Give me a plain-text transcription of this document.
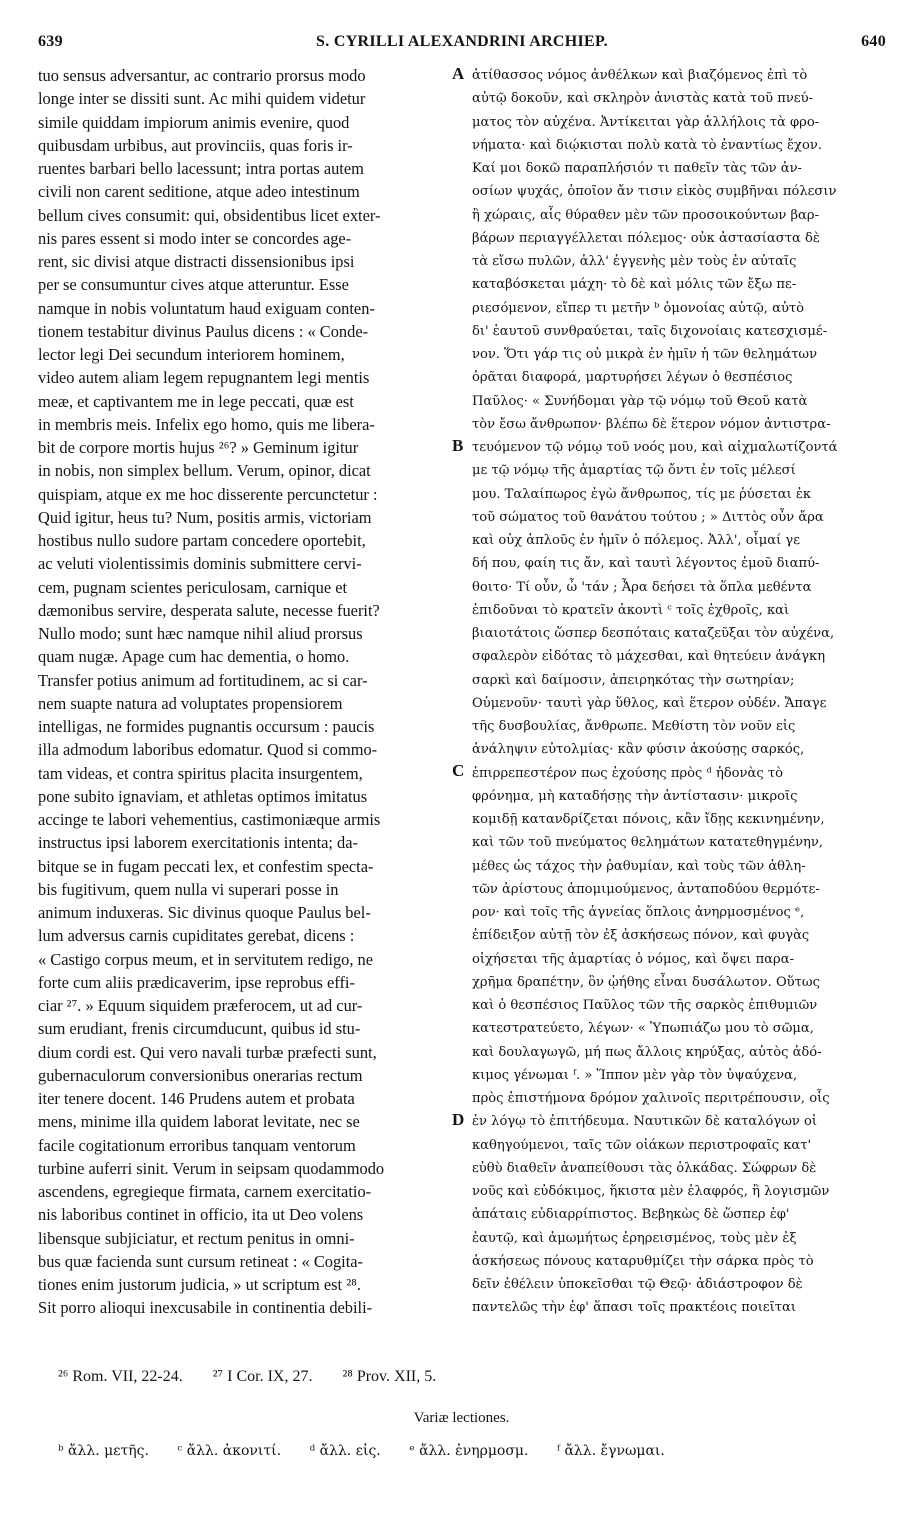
639	S. CYRILLI ALEXANDRINI ARCHIEP.	640
tuo sensus adversantur, ac contrario prorsus modo
longe inter se dissiti sunt. Ac mihi quidem videtur
simile quiddam impiorum animis evenire, quod
quibusdam urbibus, aut provinciis, quas foris ir-
ruentes barbari bello lacessunt; intra portas autem
civili non carent seditione, atque adeo intestinum
bellum cives consumit: qui, obsidentibus licet exter-
nis pares essent si modo inter se concordes age-
rent, sic divisi atque distracti dissensionibus ipsi
per se consumuntur cives atque atteruntur. Esse
namque in nobis voluntatum haud exiguam conten-
tionem testabitur divinus Paulus dicens : « Conde-
lector legi Dei secundum interiorem hominem,
video autem aliam legem repugnantem legi mentis
meæ, et captivantem me in lege peccati, quæ est
in membris meis. Infelix ego homo, quis me libera-
bit de corpore mortis hujus ²⁶? » Geminum igitur
in nobis, non simplex bellum. Verum, opinor, dicat
quispiam, atque ex me hoc disserente percunctetur :
Quid igitur, heus tu? Num, positis armis, victoriam
hostibus nullo sudore partam concedere oportebit,
ac veluti violentissimis dominis submittere cervi-
cem, pugnam scientes periculosam, carnique et
dæmonibus servire, desperata salute, necesse fuerit?
Nullo modo; sunt hæc namque nihil aliud prorsus
quam nugæ. Apage cum hac dementia, o homo.
Transfer potius animum ad fortitudinem, ac si car-
nem suapte natura ad voluptates propensiorem
intelligas, ne formides pugnantis occursum : paucis
illa admodum laboribus edomatur. Quod si commo-
tam videas, et contra spiritus placita insurgentem,
pone subito ignaviam, et athletas optimos imitatus
accinge te labori vehementius, castimoniæque armis
instructus ipsi laborem exercitationis intenta; da-
bitque se in fugam peccati lex, et confestim specta-
bis fugitivum, quem nulla vi superari posse in
animum induxeras. Sic divinus quoque Paulus bel-
lum adversus carnis cupiditates gerebat, dicens :
« Castigo corpus meum, et in servitutem redigo, ne
forte cum aliis prædicaverim, ipse reprobus effi-
ciar ²⁷. » Equum siquidem præferocem, ut ad cur-
sum erudiant, frenis circumducunt, quibus id stu-
dium cordi est. Qui vero navali turbæ præfecti sunt,
gubernaculorum conversionibus onerarias rectum
iter tenere docent. 146 Prudens autem et probata
mens, minime illa quidem laborat levitate, nec se
facile cogitationum erroribus tanquam ventorum
turbine auferri sinit. Verum in seipsam quodammodo
ascendens, egregieque firmata, carnem exercitatio-
nis laboribus continet in officio, ita ut Deo volens
libensque subjiciatur, et rectum penitus in omni-
bus quæ facienda sunt cursum retineat : « Cogita-
tiones enim justorum judicia, » ut scriptum est ²⁸.
Sit porro alioqui inexcusabile in continentia debili-
ἀτίθασσος νόμος ἀνθέλκων καὶ βιαζόμενος ἐπὶ τὸ
αὐτῷ δοκοῦν, καὶ σκληρὸν ἀνιστὰς κατὰ τοῦ πνεύ-
ματος τὸν αὐχένα. Ἀντίκειται γὰρ ἀλλήλοις τὰ φρο-
νήματα· καὶ διῴκισται πολὺ κατὰ τὸ ἐναντίως ἔχον.
Καί μοι δοκῶ παραπλήσιόν τι παθεῖν τὰς τῶν ἀν-
οσίων ψυχάς, ὁποῖον ἄν τισιν εἰκὸς συμβῆναι πόλεσιν
ἢ χώραις, αἷς θύραθεν μὲν τῶν προσοικούντων βαρ-
βάρων περιαγγέλλεται πόλεμος· οὐκ ἀστασίαστα δὲ
τὰ εἴσω πυλῶν, ἀλλ' ἐγγενὴς μὲν τοὺς ἐν αὐταῖς
καταβόσκεται μάχη· τὸ δὲ καὶ μόλις τῶν ἔξω πε-
ριεσόμενον, εἴπερ τι μετῆν ᵇ ὁμονοίας αὐτῷ, αὐτὸ
δι' ἑαυτοῦ συνθραύεται, ταῖς διχονοίαις κατεσχισμέ-
νον. Ὅτι γάρ τις οὐ μικρὰ ἐν ἡμῖν ἡ τῶν θελημάτων
ὁρᾶται διαφορά, μαρτυρήσει λέγων ὁ θεσπέσιος
Παῦλος· « Συνήδομαι γὰρ τῷ νόμῳ τοῦ Θεοῦ κατὰ
τὸν ἔσω ἄνθρωπον· βλέπω δὲ ἕτερον νόμον ἀντιστρα-
τευόμενον τῷ νόμῳ τοῦ νοός μου, καὶ αἰχμαλωτίζοντά
με τῷ νόμῳ τῆς ἁμαρτίας τῷ ὄντι ἐν τοῖς μέλεσί
μου. Ταλαίπωρος ἐγὼ ἄνθρωπος, τίς με ῥύσεται ἐκ
τοῦ σώματος τοῦ θανάτου τούτου ; » Διττὸς οὖν ἄρα
καὶ οὐχ ἁπλοῦς ἐν ἡμῖν ὁ πόλεμος. Ἀλλ', οἶμαί γε
δή που, φαίη τις ἄν, καὶ ταυτὶ λέγοντος ἐμοῦ διαπύ-
θοιτο· Τί οὖν, ὦ 'τάν ; Ἆρα δεήσει τὰ ὅπλα μεθέντα
ἐπιδοῦναι τὸ κρατεῖν ἀκοντὶ ᶜ τοῖς ἐχθροῖς, καὶ
βιαιοτάτοις ὥσπερ δεσπόταις καταζεῦξαι τὸν αὐχένα,
σφαλερὸν εἰδότας τὸ μάχεσθαι, καὶ θητεύειν ἀνάγκη
σαρκὶ καὶ δαίμοσιν, ἀπειρηκότας τὴν σωτηρίαν;
Οὐμενοῦν· ταυτὶ γὰρ ὕθλος, καὶ ἕτερον οὐδέν. Ἄπαγε
τῆς δυσβουλίας, ἄνθρωπε. Μεθίστη τὸν νοῦν εἰς
ἀνάληψιν εὐτολμίας· κἂν φύσιν ἀκούσῃς σαρκός,
ἐπιρρεπεστέρον πως ἐχούσης πρὸς ᵈ ἡδονὰς τὸ
φρόνημα, μὴ καταδήσῃς τὴν ἀντίστασιν· μικροῖς
κομιδῇ κατανδρίζεται πόνοις, κἂν ἴδῃς κεκινημένην,
καὶ τῶν τοῦ πνεύματος θελημάτων κατατεθηγμένην,
μέθες ὡς τάχος τὴν ῥαθυμίαν, καὶ τοὺς τῶν ἀθλη-
τῶν ἀρίστους ἀπομιμούμενος, ἀνταποδύου θερμότε-
ρον· καὶ τοῖς τῆς ἁγνείας ὅπλοις ἀνηρμοσμένος ᵉ,
ἐπίδειξον αὐτῇ τὸν ἐξ ἀσκήσεως πόνον, καὶ φυγὰς
οἰχήσεται τῆς ἁμαρτίας ὁ νόμος, καὶ ὄψει παρα-
χρῆμα δραπέτην, ὃν ᾠήθης εἶναι δυσάλωτον. Οὕτως
καὶ ὁ θεσπέσιος Παῦλος τῶν τῆς σαρκὸς ἐπιθυμιῶν
κατεστρατεύετο, λέγων· « Ὑπωπιάζω μου τὸ σῶμα,
καὶ δουλαγωγῶ, μή πως ἄλλοις κηρύξας, αὐτὸς ἀδό-
κιμος γένωμαι ᶠ. » Ἵππον μὲν γὰρ τὸν ὑψαύχενα,
πρὸς ἐπιστήμονα δρόμον χαλινοῖς περιτρέπουσιν, οἷς
ἐν λόγῳ τὸ ἐπιτήδευμα. Ναυτικῶν δὲ καταλόγων οἱ
καθηγούμενοι, ταῖς τῶν οἰάκων περιστροφαῖς κατ'
εὐθὺ διαθεῖν ἀναπείθουσι τὰς ὁλκάδας. Σώφρων δὲ
νοῦς καὶ εὐδόκιμος, ἥκιστα μὲν ἐλαφρός, ἢ λογισμῶν
ἀπάταις εὐδιαρρίπιστος. Βεβηκὼς δὲ ὥσπερ ἐφ'
ἑαυτῷ, καὶ ἀμωμήτως ἐρηρεισμένος, τοὺς μὲν ἐξ
ἀσκήσεως πόνους καταρυθμίζει τὴν σάρκα πρὸς τὸ
δεῖν ἐθέλειν ὑποκεῖσθαι τῷ Θεῷ· ἀδιάστροφον δὲ
παντελῶς τὴν ἐφ' ἅπασι τοῖς πρακτέοις ποιεῖται
A
B
C
D
²⁶ Rom. VII, 22-24. ²⁷ I Cor. IX, 27. ²⁸ Prov. XII, 5.
Variæ lectiones.
ᵇ ἄλλ. μετῆς. ᶜ ἄλλ. ἀκονιτί. ᵈ ἄλλ. εἰς. ᵉ ἄλλ. ἐνηρμοσμ. ᶠ ἄλλ. ἔγνωμαι.
